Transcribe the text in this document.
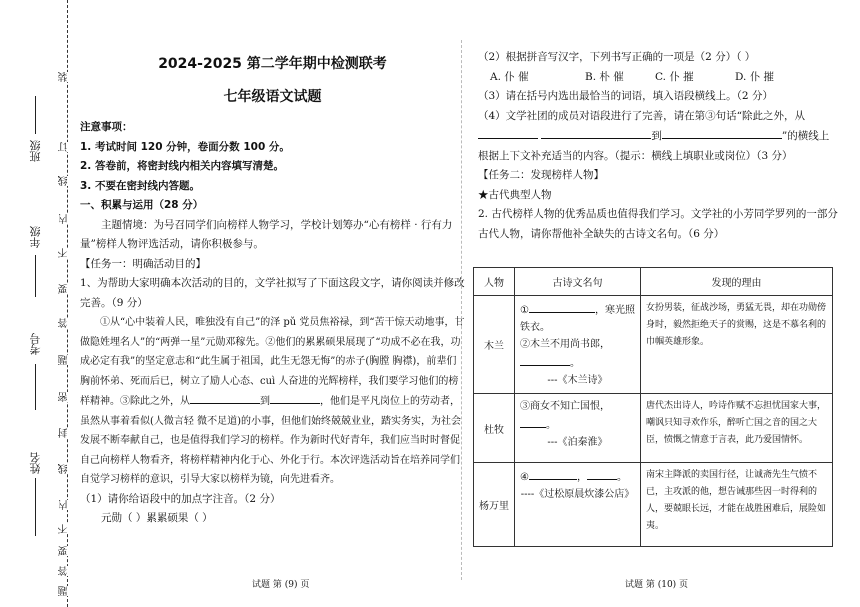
班级
年级
考号
姓名
装
订
线
内
不
要
答
题
密
封
线
内
不
要
答
题
2024-2025 第二学年期中检测联考
七年级语文试题
注意事项：
1. 考试时间 120 分钟，卷面分数 100 分。
2. 答卷前，将密封线内相关内容填写清楚。
3. 不要在密封线内答题。
一、积累与运用（28 分）
主题情境：为号召同学们向榜样人物学习，学校计划筹办“心有榜样 · 行有力量”榜样人物评选活动，请你积极参与。
【任务一：明确活动目的】
1、为帮助大家明确本次活动的目的，文学社拟写了下面这段文字，请你阅读并修改完善。（9 分）
①从“心中装着人民，唯独没有自己”的泽 pǔ 党员焦裕禄，到“苦干惊天动地事，甘做隐姓埋名人”的“两弹一星”元勋邓稼先。②他们的累累硕果展现了“功成不必在我，功成必定有我”的坚定意志和“此生属于祖国，此生无怨无悔”的赤子(胸膛 胸襟)，前辈们胸前怀弟、死而后已，树立了励人心态、cuì 人奋进的光辉榜样，我们要学习他们的榜样精神。③除此之外，从	到	，他们是平凡岗位上的劳动者，虽然从事着看似(人微言轻 微不足道)的小事，但他们始终兢兢业业，踏实务实，为社会发展不断奉献自己，也是值得我们学习的榜样。作为新时代好青年，我们应当时时督促自己向榜样人物看齐，将榜样精神内化于心、外化于行。本次评选活动旨在培养同学们自觉学习榜样的意识，引导大家以榜样为镜，向先进看齐。
（1）请你给语段中的加点字注音。（2 分）
元勋（ ）累累硕果（ ）
（2）根据拼音写汉字，下列书写正确的一项是（2 分）（ ）
A. 仆 催	B. 朴 催	C. 仆 摧	D. 仆 摧
（3）请在括号内选出最恰当的词语，填入语段横线上。（2 分）
（4）文学社团的成员对语段进行了完善，请在第③句话“除此之外，从 到	”的横线上根据上下文补充适当的内容。（提示：横线上填职业或岗位）（3 分）
【任务二：发现榜样人物】
★古代典型人物
2. 古代榜样人物的优秀品质也值得我们学习。文学社的小芳同学罗列的一部分古代人物，请你帮他补全缺失的古诗文名句。（6 分）
人物	古诗文名句	发现的理由
木兰	① ，寒光照铁衣。
②木兰不用尚书郎，。
---《木兰诗》	女扮男装，征战沙场，勇猛无畏，却在功勋傍身时，毅然拒绝天子的赏赐，这是不慕名利的巾帼英雄形象。
杜牧	③商女不知亡国恨，。
---《泊秦淮》	唐代杰出诗人，吟诗作赋不忘担忧国家大事，嘲讽只知寻欢作乐，醉听亡国之音的国之大臣，愤慨之情意于言表，此乃爱国情怀。
杨万里	④ ， 。
----《过松原晨炊漆公店》	南宋主降派的卖国行径，让诚斋先生气愤不已，主攻派的他，想告诫那些因一时得利的人，要兢眼长远，才能在战胜困难后，展险如夷。
试题 第 (9) 页	试题 第 (10) 页
